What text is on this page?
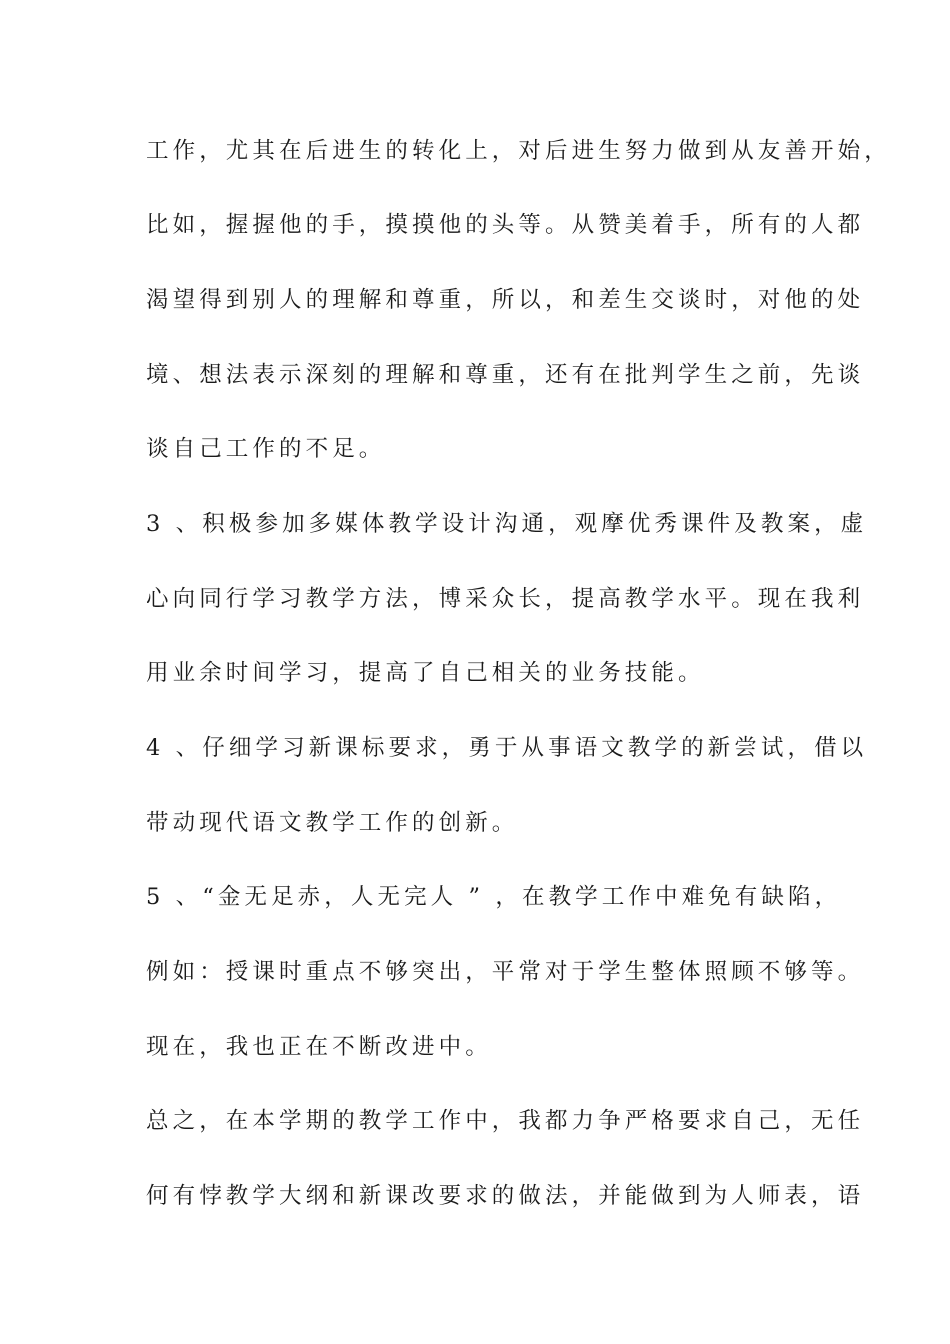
工作，尤其在后进生的转化上，对后进生努力做到从友善开始，
比如，握握他的手，摸摸他的头等。从赞美着手，所有的人都
渴望得到别人的理解和尊重，所以，和差生交谈时，对他的处
境、想法表示深刻的理解和尊重，还有在批判学生之前，先谈
谈自己工作的不足。
3 、积极参加多媒体教学设计沟通，观摩优秀课件及教案，虚
心向同行学习教学方法，博采众长，提高教学水平。现在我利
用业余时间学习，提高了自己相关的业务技能。
4 、仔细学习新课标要求，勇于从事语文教学的新尝试，借以
带动现代语文教学工作的创新。
5 、“金无足赤，人无完人 ” ，在教学工作中难免有缺陷，
例如：授课时重点不够突出，平常对于学生整体照顾不够等。
现在，我也正在不断改进中。
总之，在本学期的教学工作中，我都力争严格要求自己，无任
何有悖教学大纲和新课改要求的做法，并能做到为人师表，语
